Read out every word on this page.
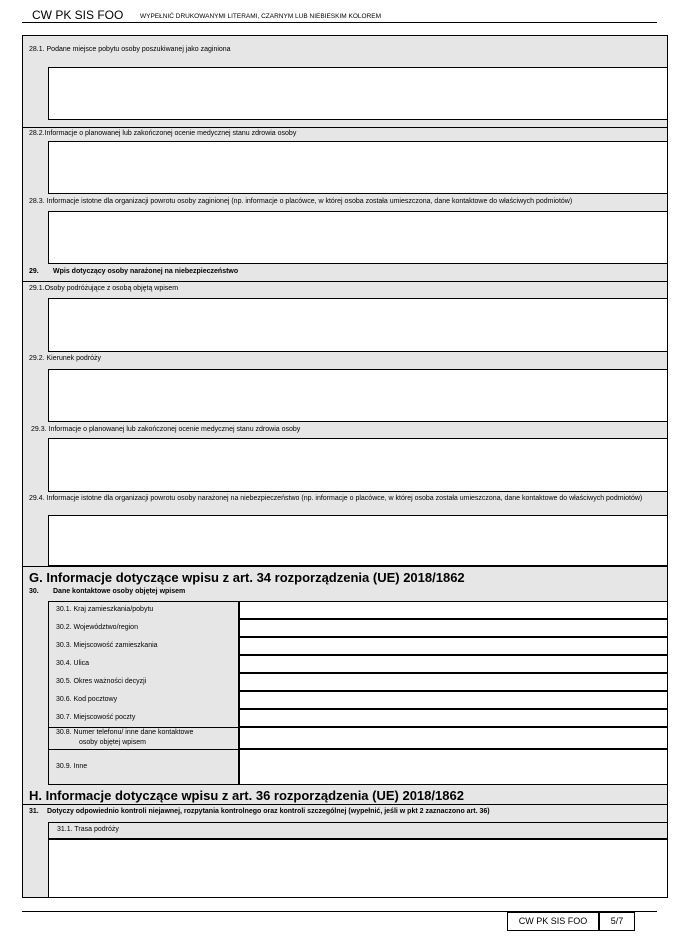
CW PK SIS FOO	WYPEŁNIĆ DRUKOWANYMI LITERAMI, CZARNYM LUB NIEBIESKIM KOLOREM
28.1. Podane miejsce pobytu osoby poszukiwanej jako zaginiona
28.2.Informacje o planowanej lub zakończonej ocenie medycznej stanu zdrowia osoby
28.3. Informacje istotne dla organizacji powrotu osoby zaginionej (np. informacje o placówce, w której osoba została umieszczona, dane kontaktowe do właściwych podmiotów)
29. Wpis dotyczący osoby narażonej na niebezpieczeństwo
29.1.Osoby podróżujące z osobą objętą wpisem
29.2. Kierunek podróży
29.3. Informacje o planowanej lub zakończonej ocenie medycznej stanu zdrowia osoby
29.4. Informacje istotne dla organizacji powrotu osoby narażonej na niebezpieczeństwo (np. informacje o placówce, w której osoba została umieszczona, dane kontaktowe do właściwych podmiotów)
G. Informacje dotyczące wpisu z art. 34 rozporządzenia (UE) 2018/1862
30. Dane kontaktowe osoby objętej wpisem
30.1. Kraj zamieszkania/pobytu
30.2. Województwo/region
30.3. Miejscowość zamieszkania
30.4. Ulica
30.5. Okres ważności decyzji
30.6. Kod pocztowy
30.7. Miejscowość poczty
30.8. Numer telefonu/ inne dane kontaktowe
osoby objętej wpisem
30.9. Inne
H. Informacje dotyczące wpisu z art. 36 rozporządzenia (UE) 2018/1862
31. Dotyczy odpowiednio kontroli niejawnej, rozpytania kontrolnego oraz kontroli szczególnej (wypełnić, jeśli w pkt 2 zaznaczono art. 36)
31.1. Trasa podróży
CW PK SIS FOO	5/7
